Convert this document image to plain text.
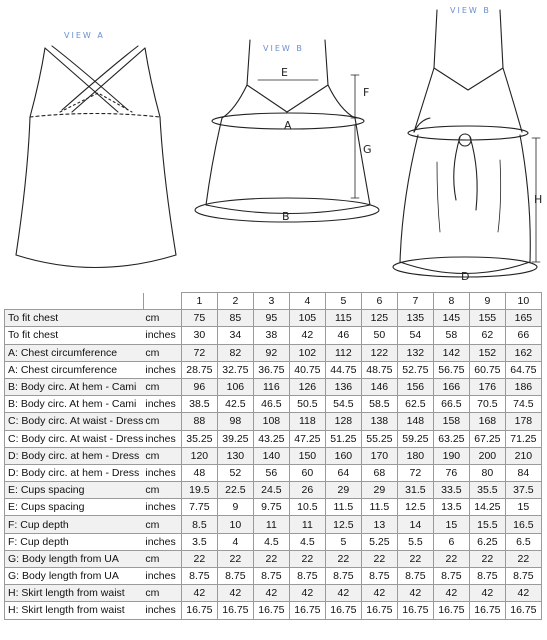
VIEW A
VIEW B
VIEW B
E
F
A
G
B
H
D
		1	2	3	4	5	6	7	8	9	10
To fit chest	cm	75	85	95	105	115	125	135	145	155	165
To fit chest	inches	30	34	38	42	46	50	54	58	62	66
A: Chest circumference	cm	72	82	92	102	112	122	132	142	152	162
A: Chest circumference	inches	28.75	32.75	36.75	40.75	44.75	48.75	52.75	56.75	60.75	64.75
B: Body circ. At hem - Cami	cm	96	106	116	126	136	146	156	166	176	186
B: Body circ. At hem - Cami	inches	38.5	42.5	46.5	50.5	54.5	58.5	62.5	66.5	70.5	74.5
C: Body circ. At waist - Dress	cm	88	98	108	118	128	138	148	158	168	178
C: Body circ. At waist - Dress	inches	35.25	39.25	43.25	47.25	51.25	55.25	59.25	63.25	67.25	71.25
D: Body circ. at hem - Dress	cm	120	130	140	150	160	170	180	190	200	210
D: Body circ. at hem - Dress	inches	48	52	56	60	64	68	72	76	80	84
E: Cups spacing	cm	19.5	22.5	24.5	26	29	29	31.5	33.5	35.5	37.5
E: Cups spacing	inches	7.75	9	9.75	10.5	11.5	11.5	12.5	13.5	14.25	15
F: Cup depth	cm	8.5	10	11	11	12.5	13	14	15	15.5	16.5
F: Cup depth	inches	3.5	4	4.5	4.5	5	5.25	5.5	6	6.25	6.5
G: Body length from UA	cm	22	22	22	22	22	22	22	22	22	22
G: Body length from UA	inches	8.75	8.75	8.75	8.75	8.75	8.75	8.75	8.75	8.75	8.75
H: Skirt length from waist	cm	42	42	42	42	42	42	42	42	42	42
H: Skirt length from waist	inches	16.75	16.75	16.75	16.75	16.75	16.75	16.75	16.75	16.75	16.75
